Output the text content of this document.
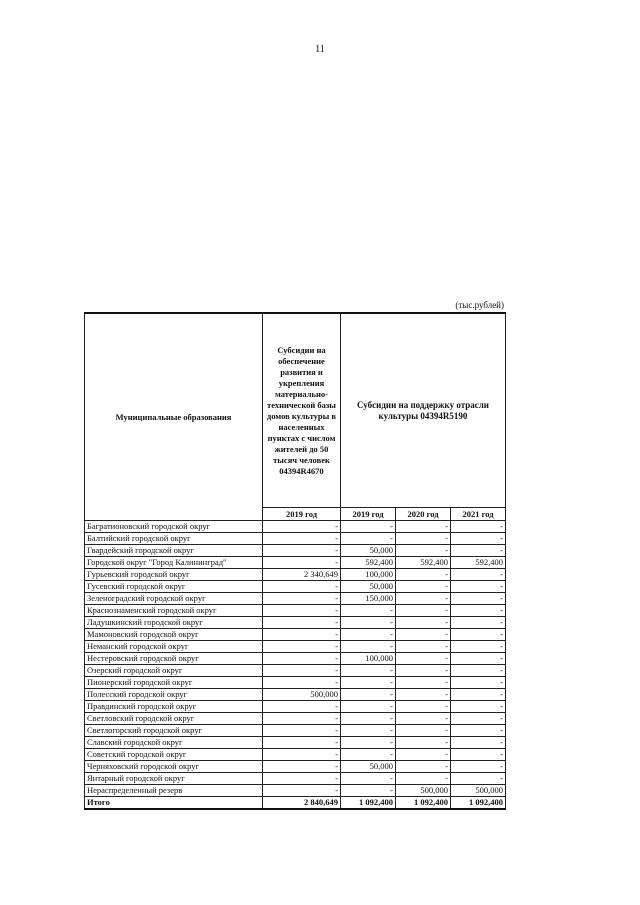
11
(тыс.рублей)
Муниципальные образования	Субсидии на обеспечение развития и укрепления материально-технической базы домов культуры в населенных пунктах с числом жителей до 50 тысяч человек 04394R4670	Субсидии на поддержку отрасли культуры 04394R5190		
	2019 год	2019 год	2020 год	2021 год
Багратионовский городской округ	-	-	-	-
Балтийский городской округ	-	-	-	-
Гвардейский городской округ	-	50,000	-	-
Городской округ "Город Калининград"	-	592,400	592,400	592,400
Гурьевский городской округ	2 340,649	100,000	-	-
Гусевский городской округ	-	50,000	-	-
Зеленоградский городской округ	-	150,000	-	-
Краснознаменский городской округ	-	-	-	-
Ладушкинский городской округ	-	-	-	-
Мамоновский городской округ	-	-	-	-
Неманский городской округ	-	-	-	-
Нестеровский городской округ	-	100,000	-	-
Озерский городской округ	-	-	-	-
Пионерский городской округ	-	-	-	-
Полесский городской округ	500,000	-	-	-
Правдинский городской округ	-	-	-	-
Светловский городской округ	-	-	-	-
Светлогорский городской округ	-	-	-	-
Славский городской округ	-	-	-	-
Советский городской округ	-	-	-	-
Черняховский городской округ	-	50,000	-	-
Янтарный городской округ	-	-	-	-
Нераспределенный резерв	-	-	500,000	500,000
Итого	2 840,649	1 092,400	1 092,400	1 092,400
